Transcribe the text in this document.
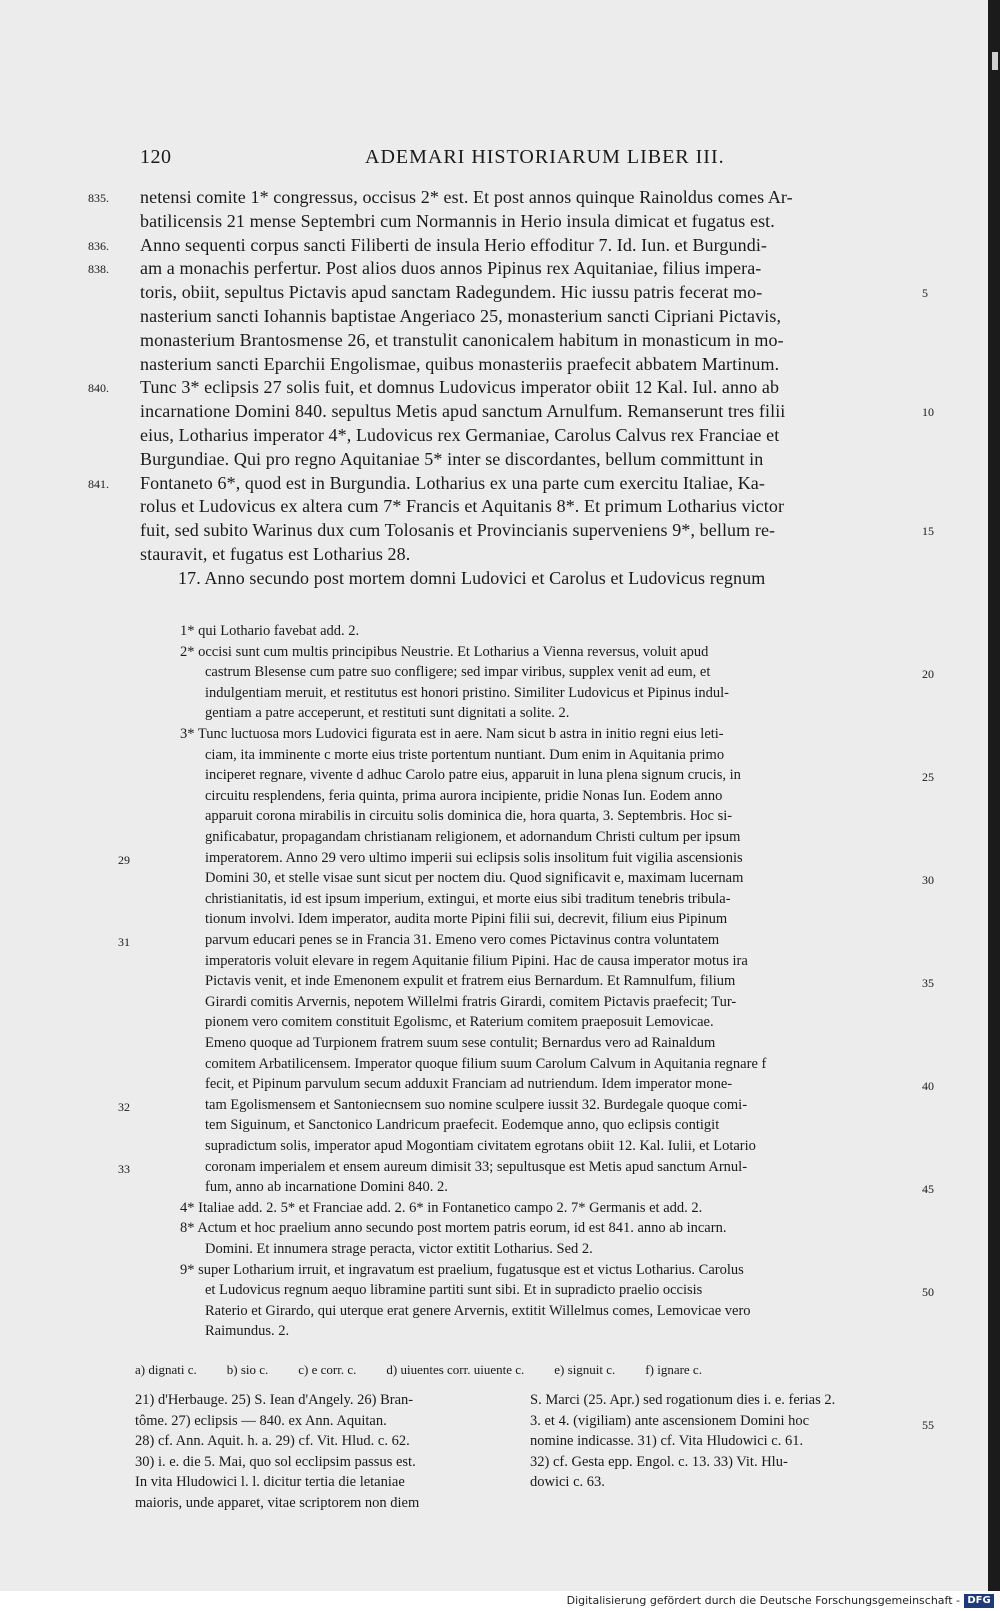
120	ADEMARI HISTORIARUM LIBER III.
netensi comite 1* congressus, occisus 2* est. Et post annos quinque Rainoldus comes Ar-
835.
batilicensis 21 mense Septembri cum Normannis in Herio insula dimicat et fugatus est.
Anno sequenti corpus sancti Filiberti de insula Herio effoditur 7. Id. Iun. et Burgundi-
836.
am a monachis perfertur. Post alios duos annos Pipinus rex Aquitaniae, filius impera-
838.
toris, obiit, sepultus Pictavis apud sanctam Radegundem. Hic iussu patris fecerat mo-	5
nasterium sancti Iohannis baptistae Angeriaco 25, monasterium sancti Cipriani Pictavis,
monasterium Brantosmense 26, et transtulit canonicalem habitum in monasticum in mo-
nasterium sancti Eparchii Engolismae, quibus monasteriis praefecit abbatem Martinum.
Tunc 3* eclipsis 27 solis fuit, et domnus Ludovicus imperator obiit 12 Kal. Iul. anno ab
840.
incarnatione Domini 840. sepultus Metis apud sanctum Arnulfum. Remanserunt tres filii	10
eius, Lotharius imperator 4*, Ludovicus rex Germaniae, Carolus Calvus rex Franciae et
Burgundiae. Qui pro regno Aquitaniae 5* inter se discordantes, bellum committunt in
Fontaneto 6*, quod est in Burgundia. Lotharius ex una parte cum exercitu Italiae, Ka-
841.
rolus et Ludovicus ex altera cum 7* Francis et Aquitanis 8*. Et primum Lotharius victor
fuit, sed subito Warinus dux cum Tolosanis et Provincianis superveniens 9*, bellum re-	15
stauravit, et fugatus est Lotharius 28.
17. Anno secundo post mortem domni Ludovici et Carolus et Ludovicus regnum
1* qui Lothario favebat add. 2.
2* occisi sunt cum multis principibus Neustrie. Et Lotharius a Vienna reversus, voluit apud
castrum Blesense cum patre suo confligere; sed impar viribus, supplex venit ad eum, et	20
indulgentiam meruit, et restitutus est honori pristino. Similiter Ludovicus et Pipinus indul-
gentiam a patre acceperunt, et restituti sunt dignitati a solite. 2.
3* Tunc luctuosa mors Ludovici figurata est in aere. Nam sicut b astra in initio regni eius leti-
ciam, ita imminente c morte eius triste portentum nuntiant. Dum enim in Aquitania primo
inciperet regnare, vivente d adhuc Carolo patre eius, apparuit in luna plena signum crucis, in	25
circuitu resplendens, feria quinta, prima aurora incipiente, pridie Nonas Iun. Eodem anno
apparuit corona mirabilis in circuitu solis dominica die, hora quarta, 3. Septembris. Hoc si-
gnificabatur, propagandam christianam religionem, et adornandum Christi cultum per ipsum
imperatorem. Anno 29 vero ultimo imperii sui eclipsis solis insolitum fuit vigilia ascensionis
29
Domini 30, et stelle visae sunt sicut per noctem diu. Quod significavit e, maximam lucernam	30
christianitatis, id est ipsum imperium, extingui, et morte eius sibi traditum tenebris tribula-
tionum involvi. Idem imperator, audita morte Pipini filii sui, decrevit, filium eius Pipinum
parvum educari penes se in Francia 31. Emeno vero comes Pictavinus contra voluntatem
31
imperatoris voluit elevare in regem Aquitanie filium Pipini. Hac de causa imperator motus ira
Pictavis venit, et inde Emenonem expulit et fratrem eius Bernardum. Et Ramnulfum, filium	35
Girardi comitis Arvernis, nepotem Willelmi fratris Girardi, comitem Pictavis praefecit; Tur-
pionem vero comitem constituit Egolismc, et Raterium comitem praeposuit Lemovicae.
Emeno quoque ad Turpionem fratrem suum sese contulit; Bernardus vero ad Rainaldum
comitem Arbatilicensem. Imperator quoque filium suum Carolum Calvum in Aquitania regnare f
fecit, et Pipinum parvulum secum adduxit Franciam ad nutriendum. Idem imperator mone-	40
tam Egolismensem et Santoniecnsem suo nomine sculpere iussit 32. Burdegale quoque comi-
32
tem Siguinum, et Sanctonico Landricum praefecit. Eodemque anno, quo eclipsis contigit
supradictum solis, imperator apud Mogontiam civitatem egrotans obiit 12. Kal. Iulii, et Lotario
coronam imperialem et ensem aureum dimisit 33; sepultusque est Metis apud sanctum Arnul-
33
fum, anno ab incarnatione Domini 840. 2.	45
4* Italiae add. 2. 5* et Franciae add. 2. 6* in Fontanetico campo 2. 7* Germanis et add. 2.
8* Actum et hoc praelium anno secundo post mortem patris eorum, id est 841. anno ab incarn.
Domini. Et innumera strage peracta, victor extitit Lotharius. Sed 2.
9* super Lotharium irruit, et ingravatum est praelium, fugatusque est et victus Lotharius. Carolus
et Ludovicus regnum aequo libramine partiti sunt sibi. Et in supradicto praelio occisis	50
Raterio et Girardo, qui uterque erat genere Arvernis, extitit Willelmus comes, Lemovicae vero
Raimundus. 2.
a) dignati c. b) sio c. c) e corr. c. d) uiuentes corr. uiuente c. e) signuit c. f) ignare c.
21) d'Herbauge. 25) S. Iean d'Angely. 26) Bran-
tôme. 27) eclipsis — 840. ex Ann. Aquitan.
28) cf. Ann. Aquit. h. a. 29) cf. Vit. Hlud. c. 62.
30) i. e. die 5. Mai, quo sol ecclipsim passus est.
In vita Hludowici l. l. dicitur tertia die letaniae
maioris, unde apparet, vitae scriptorem non diem
S. Marci (25. Apr.) sed rogationum dies i. e. ferias 2.
3. et 4. (vigiliam) ante ascensionem Domini hoc
nomine indicasse. 31) cf. Vita Hludowici c. 61.
32) cf. Gesta epp. Engol. c. 13. 33) Vit. Hlu-
dowici c. 63.
55
Digitalisierung gefördert durch die Deutsche Forschungsgemeinschaft - DFG
